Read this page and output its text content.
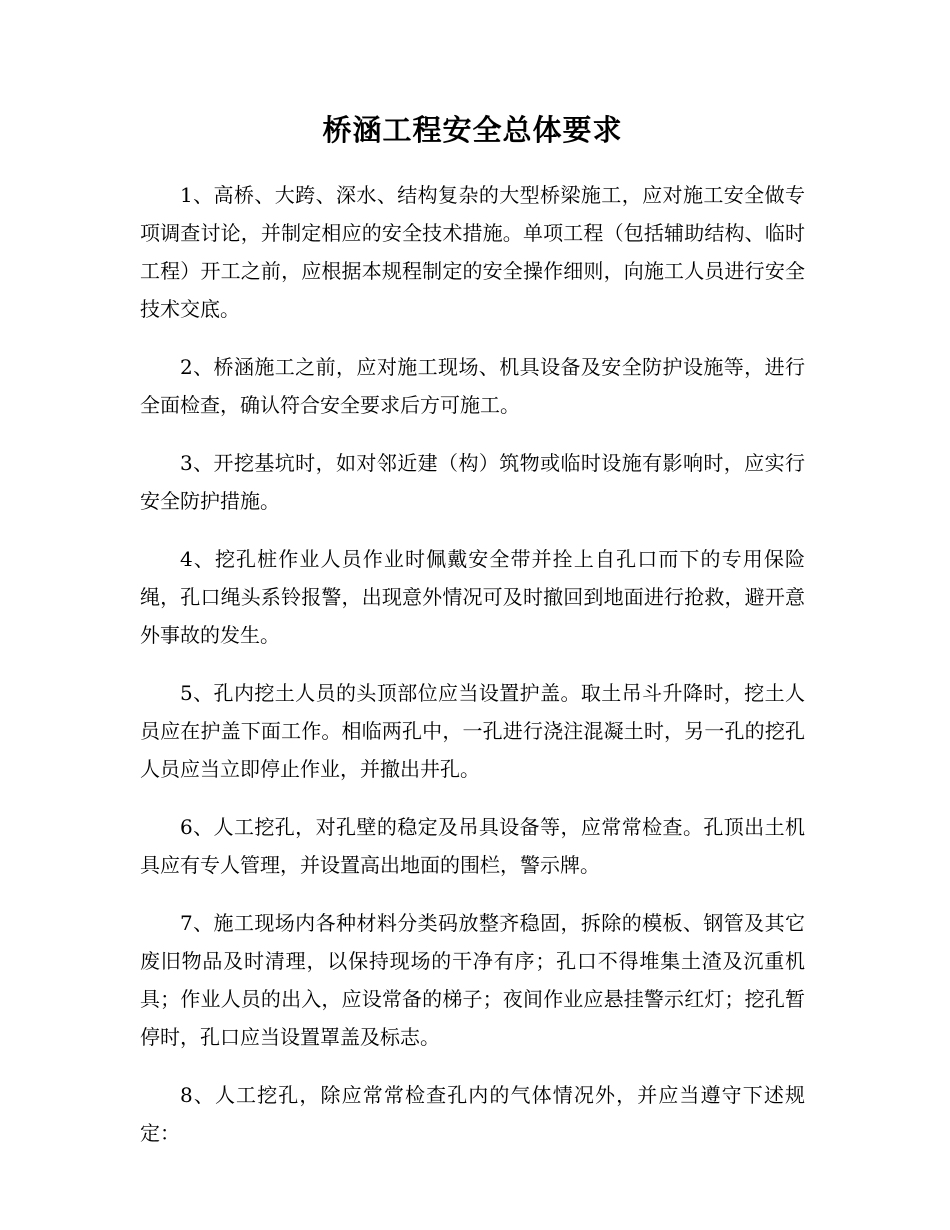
桥涵工程安全总体要求

1、高桥、大跨、深水、结构复杂的大型桥梁施工，应对施工安全做专项调查讨论，并制定相应的安全技术措施。单项工程（包括辅助结构、临时工程）开工之前，应根据本规程制定的安全操作细则，向施工人员进行安全技术交底。

2、桥涵施工之前，应对施工现场、机具设备及安全防护设施等，进行全面检查，确认符合安全要求后方可施工。

3、开挖基坑时，如对邻近建（构）筑物或临时设施有影响时，应实行安全防护措施。

4、挖孔桩作业人员作业时佩戴安全带并拴上自孔口而下的专用保险绳，孔口绳头系铃报警，出现意外情况可及时撤回到地面进行抢救，避开意外事故的发生。

5、孔内挖土人员的头顶部位应当设置护盖。取土吊斗升降时，挖土人员应在护盖下面工作。相临两孔中，一孔进行浇注混凝土时，另一孔的挖孔人员应当立即停止作业，并撤出井孔。

6、人工挖孔，对孔壁的稳定及吊具设备等，应常常检查。孔顶出土机具应有专人管理，并设置高出地面的围栏，警示牌。

7、施工现场内各种材料分类码放整齐稳固，拆除的模板、钢管及其它废旧物品及时清理，以保持现场的干净有序；孔口不得堆集土渣及沉重机具；作业人员的出入，应设常备的梯子；夜间作业应悬挂警示红灯；挖孔暂停时，孔口应当设置罩盖及标志。

8、人工挖孔，除应常常检查孔内的气体情况外，并应当遵守下述规定：
